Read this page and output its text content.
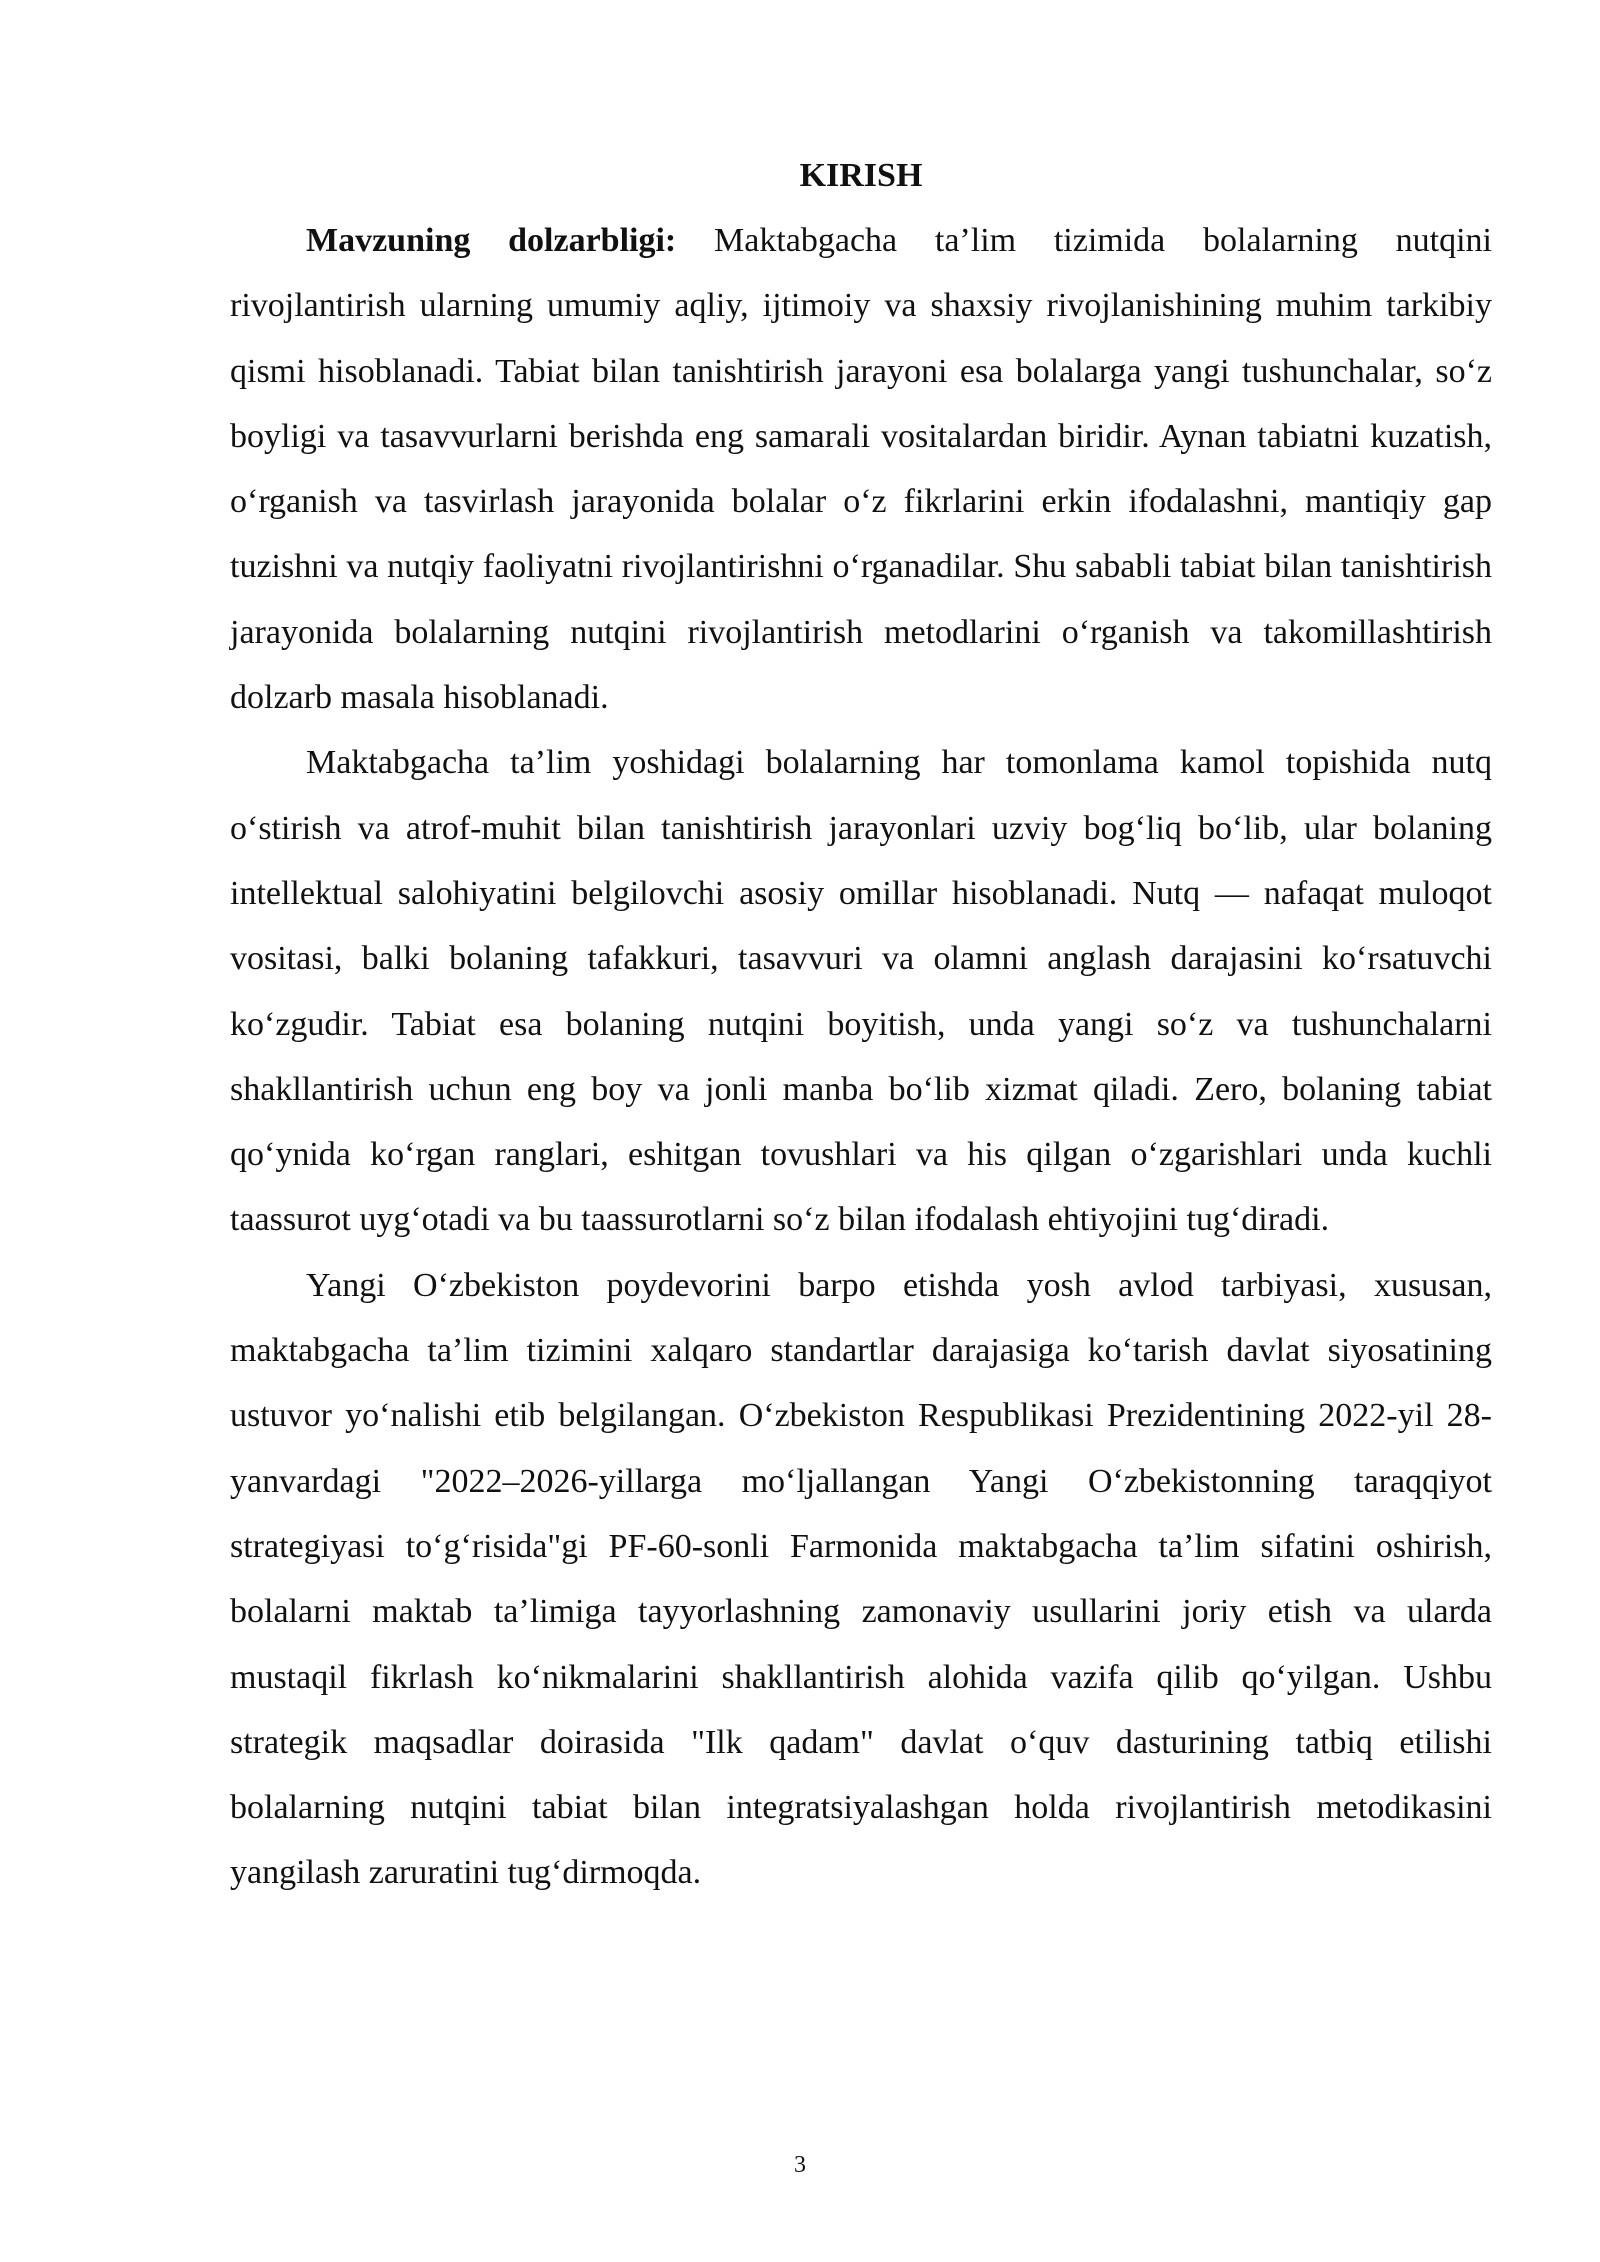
KIRISH

Mavzuning dolzarbligi: Maktabgacha ta’lim tizimida bolalarning nutqini rivojlantirish ularning umumiy aqliy, ijtimoiy va shaxsiy rivojlanishining muhim tarkibiy qismi hisoblanadi. Tabiat bilan tanishtirish jarayoni esa bolalarga yangi tushunchalar, so‘z boyligi va tasavvurlarni berishda eng samarali vositalardan biridir. Aynan tabiatni kuzatish, o‘rganish va tasvirlash jarayonida bolalar o‘z fikrlarini erkin ifodalashni, mantiqiy gap tuzishni va nutqiy faoliyatni rivojlantirishni o‘rganadilar. Shu sababli tabiat bilan tanishtirish jarayonida bolalarning nutqini rivojlantirish metodlarini o‘rganish va takomillashtirish dolzarb masala hisoblanadi.

Maktabgacha ta’lim yoshidagi bolalarning har tomonlama kamol topishida nutq o‘stirish va atrof-muhit bilan tanishtirish jarayonlari uzviy bog‘liq bo‘lib, ular bolaning intellektual salohiyatini belgilovchi asosiy omillar hisoblanadi. Nutq — nafaqat muloqot vositasi, balki bolaning tafakkuri, tasavvuri va olamni anglash darajasini ko‘rsatuvchi ko‘zgudir. Tabiat esa bolaning nutqini boyitish, unda yangi so‘z va tushunchalarni shakllantirish uchun eng boy va jonli manba bo‘lib xizmat qiladi. Zero, bolaning tabiat qo‘ynida ko‘rgan ranglari, eshitgan tovushlari va his qilgan o‘zgarishlari unda kuchli taassurot uyg‘otadi va bu taassurotlarni so‘z bilan ifodalash ehtiyojini tug‘diradi.

Yangi O‘zbekiston poydevorini barpo etishda yosh avlod tarbiyasi, xususan, maktabgacha ta’lim tizimini xalqaro standartlar darajasiga ko‘tarish davlat siyosatining ustuvor yo‘nalishi etib belgilangan. O‘zbekiston Respublikasi Prezidentining 2022-yil 28-yanvardagi "2022–2026-yillarga mo‘ljallangan Yangi O‘zbekistonning taraqqiyot strategiyasi to‘g‘risida"gi PF-60-sonli Farmonida maktabgacha ta’lim sifatini oshirish, bolalarni maktab ta’limiga tayyorlashning zamonaviy usullarini joriy etish va ularda mustaqil fikrlash ko‘nikmalarini shakllantirish alohida vazifa qilib qo‘yilgan. Ushbu strategik maqsadlar doirasida "Ilk qadam" davlat o‘quv dasturining tatbiq etilishi bolalarning nutqini tabiat bilan integratsiyalashgan holda rivojlantirish metodikasini yangilash zaruratini tug‘dirmoqda.

3
